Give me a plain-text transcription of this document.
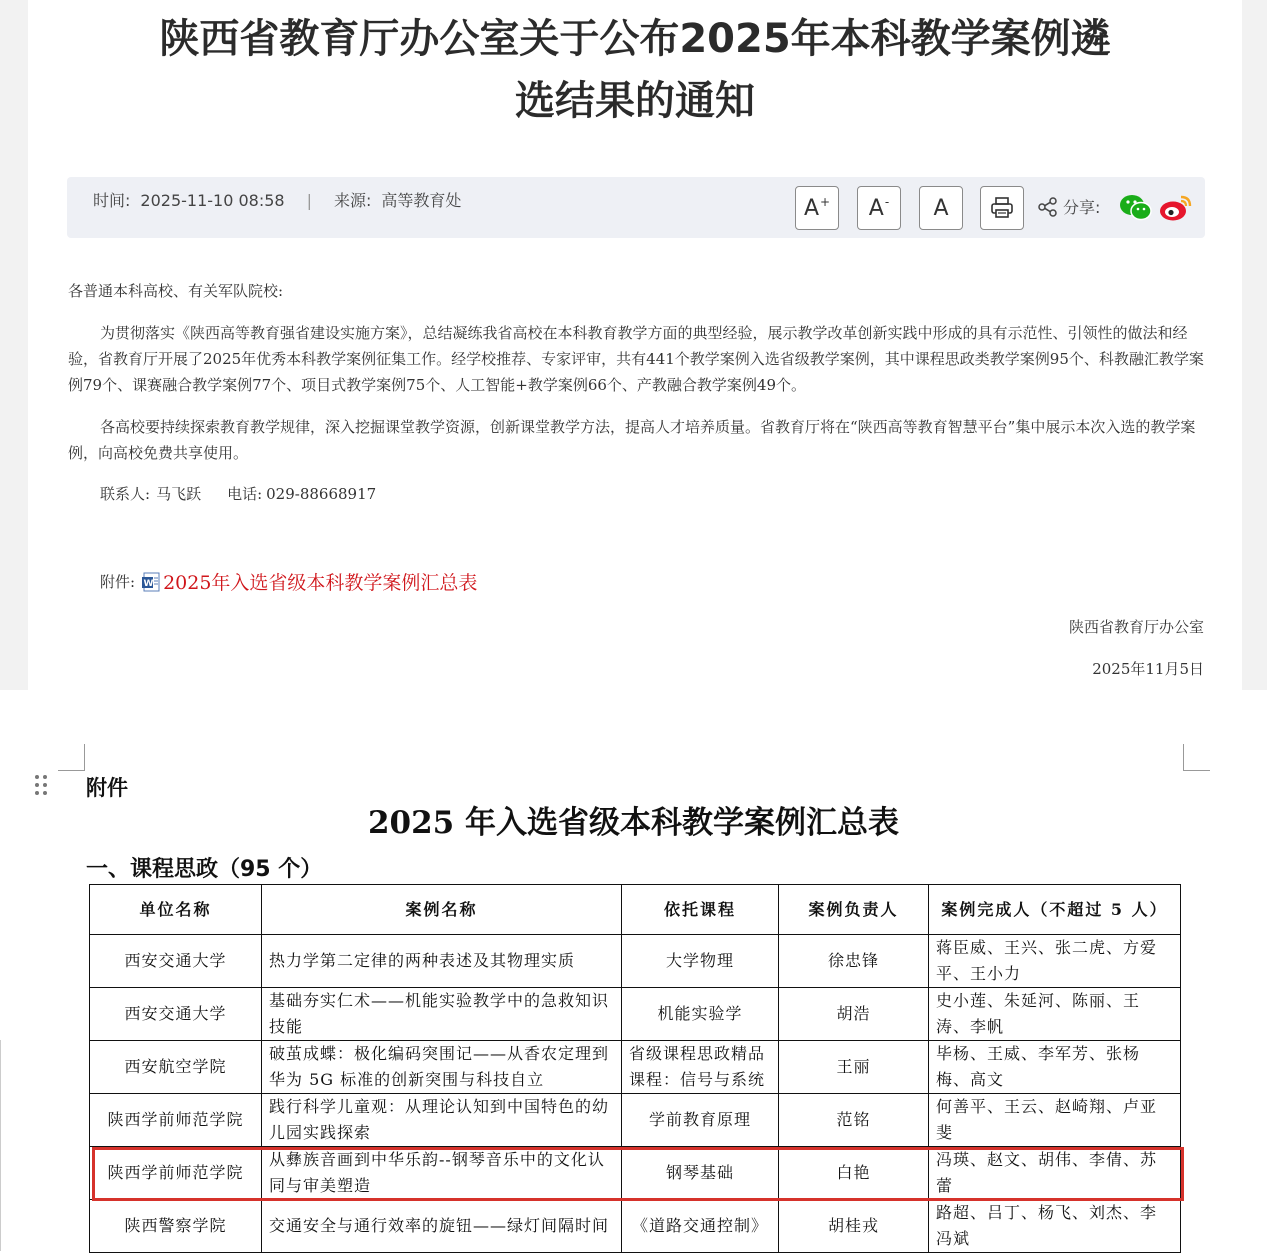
陕西省教育厅办公室关于公布2025年本科教学案例遴
选结果的通知
时间: 2025-11-10 08:58 | 来源: 高等教育处	A+ A- A	分享:
各普通本科高校、有关军队院校:
为贯彻落实《陕西高等教育强省建设实施方案》，总结凝练我省高校在本科教育教学方面的典型经验，展示教学改革创新实践中形成的具有示范性、引领性的做法和经验，省教育厅开展了2025年优秀本科教学案例征集工作。经学校推荐、专家评审，共有441个教学案例入选省级教学案例，其中课程思政类教学案例95个、科教融汇教学案例79个、课赛融合教学案例77个、项目式教学案例75个、人工智能+教学案例66个、产教融合教学案例49个。
各高校要持续探索教育教学规律，深入挖掘课堂教学资源，创新课堂教学方法，提高人才培养质量。省教育厅将在“陕西高等教育智慧平台”集中展示本次入选的教学案例，向高校免费共享使用。
联系人: 马飞跃 电话: 029-88668917
附件: W 2025年入选省级本科教学案例汇总表
陕西省教育厅办公室
2025年11月5日
附件
2025 年入选省级本科教学案例汇总表
一、课程思政（95 个）
单位名称	案例名称	依托课程	案例负责人	案例完成人（不超过 5 人）
西安交通大学	热力学第二定律的两种表述及其物理实质	大学物理	徐忠锋	蒋臣威、王兴、张二虎、方爱平、王小力
西安交通大学	基础夯实仁术——机能实验教学中的急救知识技能	机能实验学	胡浩	史小莲、朱延河、陈丽、王涛、李帆
西安航空学院	破茧成蝶：极化编码突围记——从香农定理到华为 5G 标准的创新突围与科技自立	省级课程思政精品课程：信号与系统	王丽	毕杨、王威、李军芳、张杨梅、高文
陕西学前师范学院	践行科学儿童观：从理论认知到中国特色的幼儿园实践探索	学前教育原理	范铭	何善平、王云、赵崎翔、卢亚斐
陕西学前师范学院	从彝族音画到中华乐韵--钢琴音乐中的文化认同与审美塑造	钢琴基础	白艳	冯瑛、赵文、胡伟、李倩、苏蕾
陕西警察学院	交通安全与通行效率的旋钮——绿灯间隔时间	《道路交通控制》	胡桂戎	路超、吕丁、杨飞、刘杰、李冯斌
